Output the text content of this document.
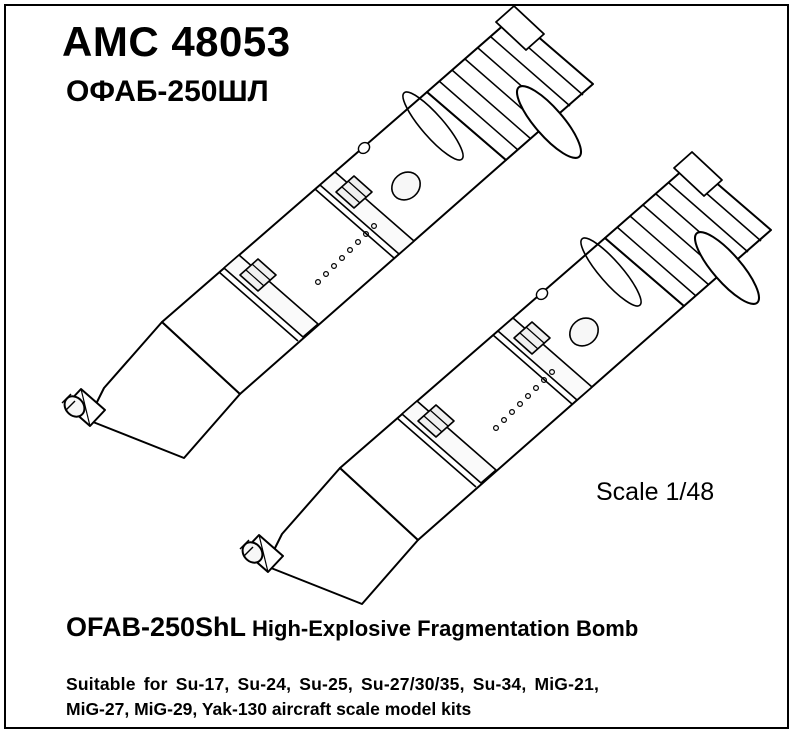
AMC 48053
ОФАБ-250ШЛ
Scale 1/48
OFAB-250ShL High-Explosive Fragmentation Bomb
Suitable for Su-17, Su-24, Su-25, Su-27/30/35, Su-34, MiG-21,
MiG-27, MiG-29, Yak-130 aircraft scale model kits
